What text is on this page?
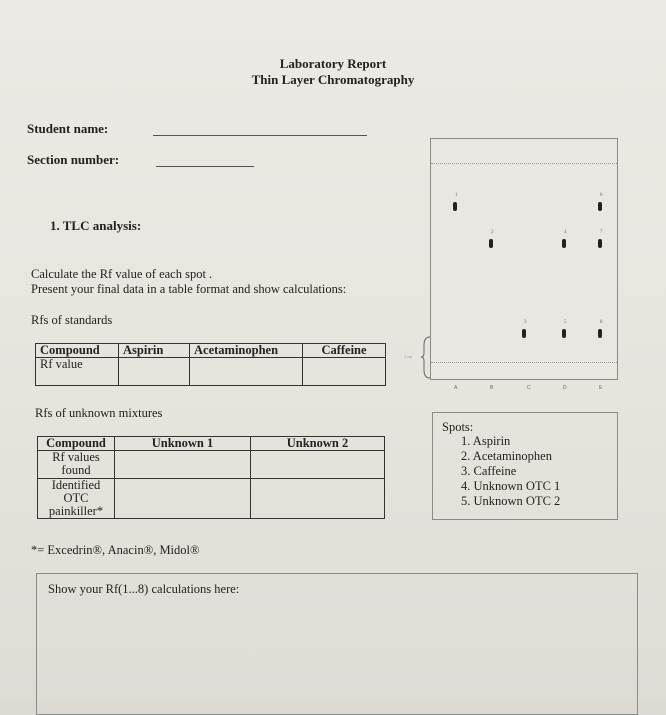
Laboratory Report
Thin Layer Chromatography
Student name:
Section number:
1. TLC analysis:
Calculate the Rf value of each spot .
Present your final data in a table format and show calculations:
Rfs of standards
Compound	Aspirin	Acetaminophen	Caffeine
Rf value			
Rfs of unknown mixtures
Compound	Unknown 1	Unknown 2
Rf values found		
Identified OTC painkiller*		
*= Excedrin®, Anacin®, Midol®
Show your Rf(1...8) calculations here:
1
2
3
4
5
6
7
8
A	B	C	D	E
1 cm
Spots:
1. Aspirin
2. Acetaminophen
3. Caffeine
4. Unknown OTC 1
5. Unknown OTC 2
